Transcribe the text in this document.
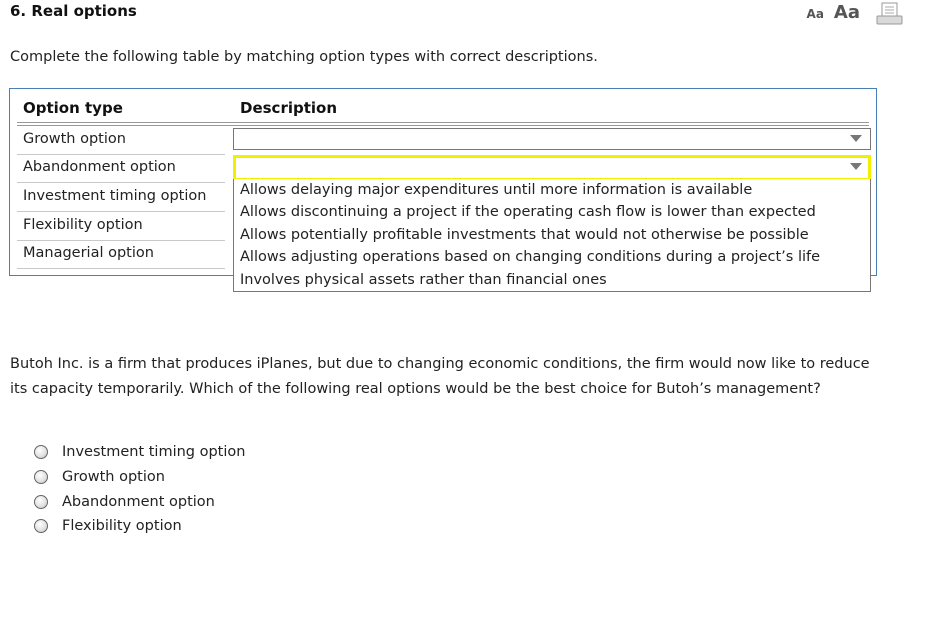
6. Real options	Aa Aa
Complete the following table by matching option types with correct descriptions.
Option type	Description
Growth option
Abandonment option
Investment timing option
Flexibility option
Managerial option
Allows delaying major expenditures until more information is available
Allows discontinuing a project if the operating cash flow is lower than expected
Allows potentially profitable investments that would not otherwise be possible
Allows adjusting operations based on changing conditions during a project’s life
Involves physical assets rather than financial ones
Butoh Inc. is a firm that produces iPlanes, but due to changing economic conditions, the firm would now like to reduce its capacity temporarily. Which of the following real options would be the best choice for Butoh’s management?
Investment timing option
Growth option
Abandonment option
Flexibility option
